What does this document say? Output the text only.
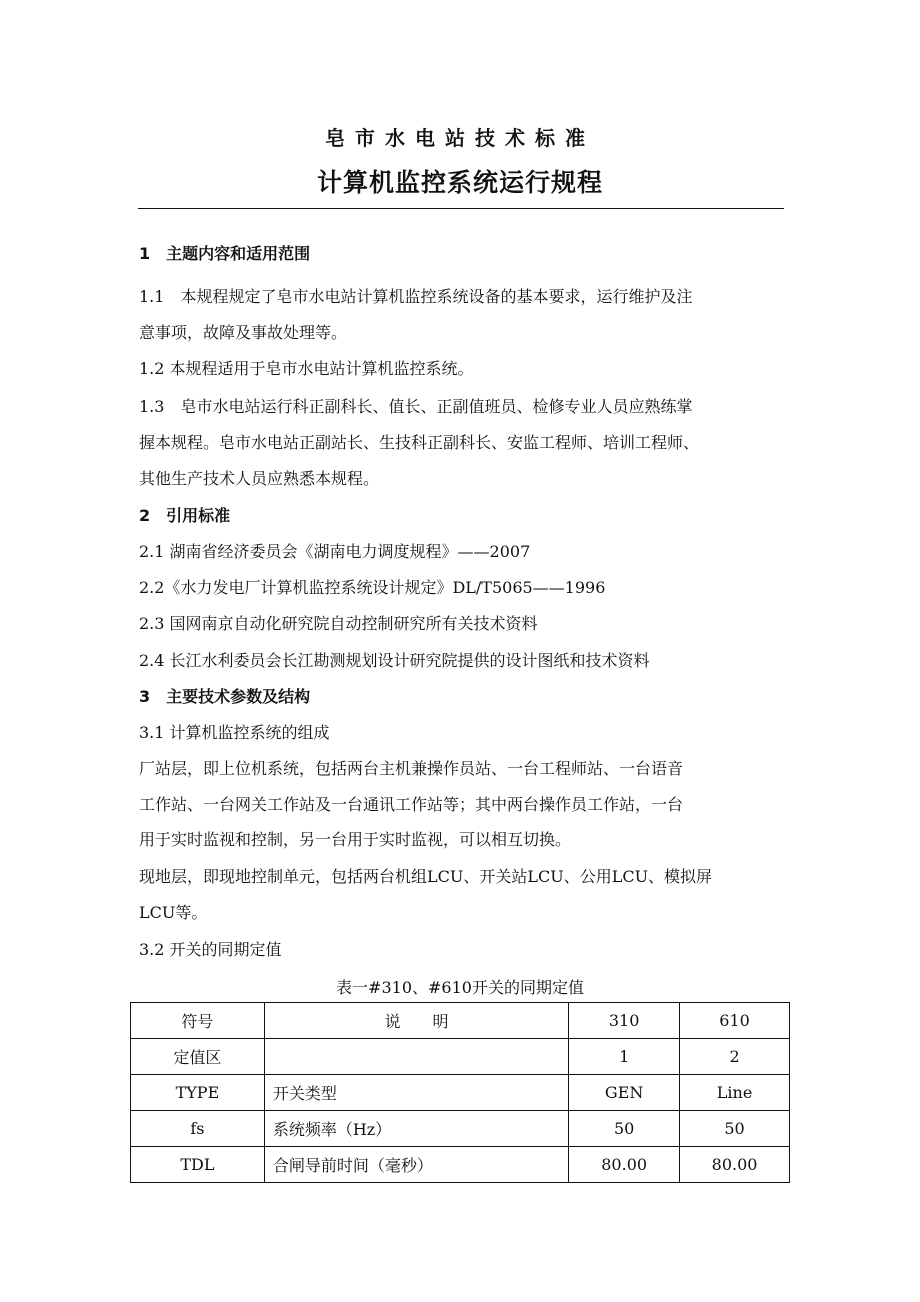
皂市水电站技术标准
计算机监控系统运行规程
1　主题内容和适用范围
1.1　本规程规定了皂市水电站计算机监控系统设备的基本要求，运行维护及注
意事项，故障及事故处理等。
1.2 本规程适用于皂市水电站计算机监控系统。
1.3　皂市水电站运行科正副科长、值长、正副值班员、检修专业人员应熟练掌
握本规程。皂市水电站正副站长、生技科正副科长、安监工程师、培训工程师、
其他生产技术人员应熟悉本规程。
2　引用标准
2.1 湖南省经济委员会《湖南电力调度规程》——2007
2.2《水力发电厂计算机监控系统设计规定》DL/T5065——1996
2.3 国网南京自动化研究院自动控制研究所有关技术资料
2.4 长江水利委员会长江勘测规划设计研究院提供的设计图纸和技术资料
3　主要技术参数及结构
3.1 计算机监控系统的组成
厂站层，即上位机系统，包括两台主机兼操作员站、一台工程师站、一台语音
工作站、一台网关工作站及一台通讯工作站等；其中两台操作员工作站，一台
用于实时监视和控制，另一台用于实时监视，可以相互切换。
现地层，即现地控制单元，包括两台机组LCU、开关站LCU、公用LCU、模拟屏
LCU等。
3.2 开关的同期定值
表一#310、#610开关的同期定值
符号	说　　明	310	610
定值区		1	2
TYPE	开关类型	GEN	Line
fs	系统频率（Hz）	50	50
TDL	合闸导前时间（毫秒）	80.00	80.00
